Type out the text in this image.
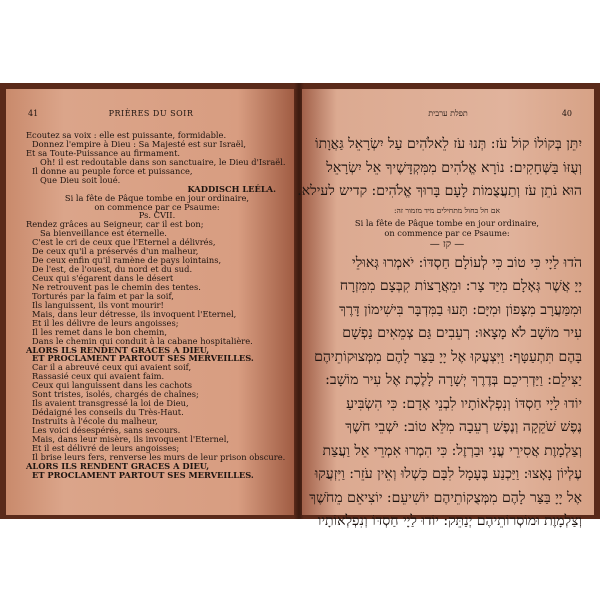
41	PRIÈRES DU SOIR
Ecoutez sa voix : elle est puissante, formidable.
Donnez l'empire à Dieu : Sa Majesté est sur Israël,
Et sa Toute-Puissance au firmament.
Oh! il est redoutable dans son sanctuaire, le Dieu d'Israël.
Il donne au peuple force et puissance,
Que Dieu soit loué.
KADDISCH LEÉLA.
Si la fête de Pâque tombe en jour ordinaire,
on commence par ce Psaume:
Ps. CVII.
Rendez grâces au Seigneur, car il est bon;
Sa bienveillance est éternelle.
C'est le cri de ceux que l'Eternel a délivrés,
De ceux qu'il a préservés d'un malheur,
De ceux enfin qu'il ramène de pays lointains,
De l'est, de l'ouest, du nord et du sud.
Ceux qui s'égarent dans le désert
Ne retrouvent pas le chemin des tentes.
Torturés par la faim et par la soif,
Ils languissent, ils vont mourir!
Mais, dans leur détresse, ils invoquent l'Eternel,
Et il les délivre de leurs angoisses;
Il les remet dans le bon chemin,
Dans le chemin qui conduit à la cabane hospitalière.
ALORS ILS RENDENT GRACES A DIEU,
ET PROCLAMENT PARTOUT SES MERVEILLES.
Car il a abreuvé ceux qui avaient soif,
Rassasié ceux qui avaient faim.
Ceux qui languissent dans les cachots
Sont tristes, isolés, chargés de chaînes;
Ils avaient transgressé la loi de Dieu,
Dédaigné les conseils du Très-Haut.
Instruits à l'école du malheur,
Les voici désespérés, sans secours.
Mais, dans leur misère, ils invoquent l'Eternel,
Et il est délivré de leurs angoisses;
Il brise leurs fers, renverse les murs de leur prison obscure.
ALORS ILS RENDENT GRACES A DIEU,
ET PROCLAMENT PARTOUT SES MERVEILLES.
תפלת ערבית	40
יִתֵּן בְּקוֹלוֹ קוֹל עֹז: תְּנוּ עֹז לֵאלֹהִים עַל יִשְׂרָאֵל גַּאֲוָתוֹ
וְעֻזּוֹ בַּשְּׁחָקִים: נוֹרָא אֱלֹהִים מִמִּקְדָּשֶׁיךָ אֵל יִשְׂרָאֵל
הוּא נֹתֵן עֹז וְתַעֲצֻמוֹת לָעָם בָּרוּךְ אֱלֹהִים: קדיש לעילא.
אם חל בחול מתחילים מיד מזמור זה:
Si la fête de Pâque tombe en jour ordinaire,
on commence par ce Psaume:
— קז —
הֹדוּ לַיָי כִּי טוֹב כִּי לְעוֹלָם חַסְדּוֹ: יֹאמְרוּ גְּאוּלֵי
יָיָ אֲשֶׁר גְּאָלָם מִיַּד צָר: וּמֵאֲרָצוֹת קִבְּצָם מִמִּזְרָח
וּמִמַּעֲרָב מִצָּפוֹן וּמִיָּם: תָּעוּ בַמִּדְבָּר בִּישִׁימוֹן דָּרֶךְ
עִיר מוֹשָׁב לֹא מָצָאוּ: רְעֵבִים גַּם צְמֵאִים נַפְשָׁם
בָּהֶם תִּתְעַטָּף: וַיִּצְעֲקוּ אֶל יָיָ בַּצַּר לָהֶם מִמְּצוּקוֹתֵיהֶם
יַצִּילֵם: וַיַּדְרִיכֵם בְּדֶרֶךְ יְשָׁרָה לָלֶכֶת אֶל עִיר מוֹשָׁב:
יוֹדוּ לַיָי חַסְדּוֹ וְנִפְלְאוֹתָיו לִבְנֵי אָדָם: כִּי הִשְׂבִּיעַ
נֶפֶשׁ שֹׁקֵקָה וְנֶפֶשׁ רְעֵבָה מִלֵּא טוֹב: יֹשְׁבֵי חֹשֶׁךְ
וְצַלְמָוֶת אֲסִירֵי עֳנִי וּבַרְזֶל: כִּי הִמְרוּ אִמְרֵי אֵל וַעֲצַת
עֶלְיוֹן נָאָצוּ: וַיַּכְנַע בֶּעָמָל לִבָּם כָּשְׁלוּ וְאֵין עֹזֵר: וַיִּזְעֲקוּ
אֶל יָיָ בַּצַּר לָהֶם מִמְּצֻקוֹתֵיהֶם יוֹשִׁיעֵם: יוֹצִיאֵם מֵחֹשֶׁךְ
וְצַלְמָוֶת וּמוֹסְרוֹתֵיהֶם יְנַתֵּק: יוֹדוּ לַיָי חַסְדּוֹ וְנִפְלְאוֹתָיו
